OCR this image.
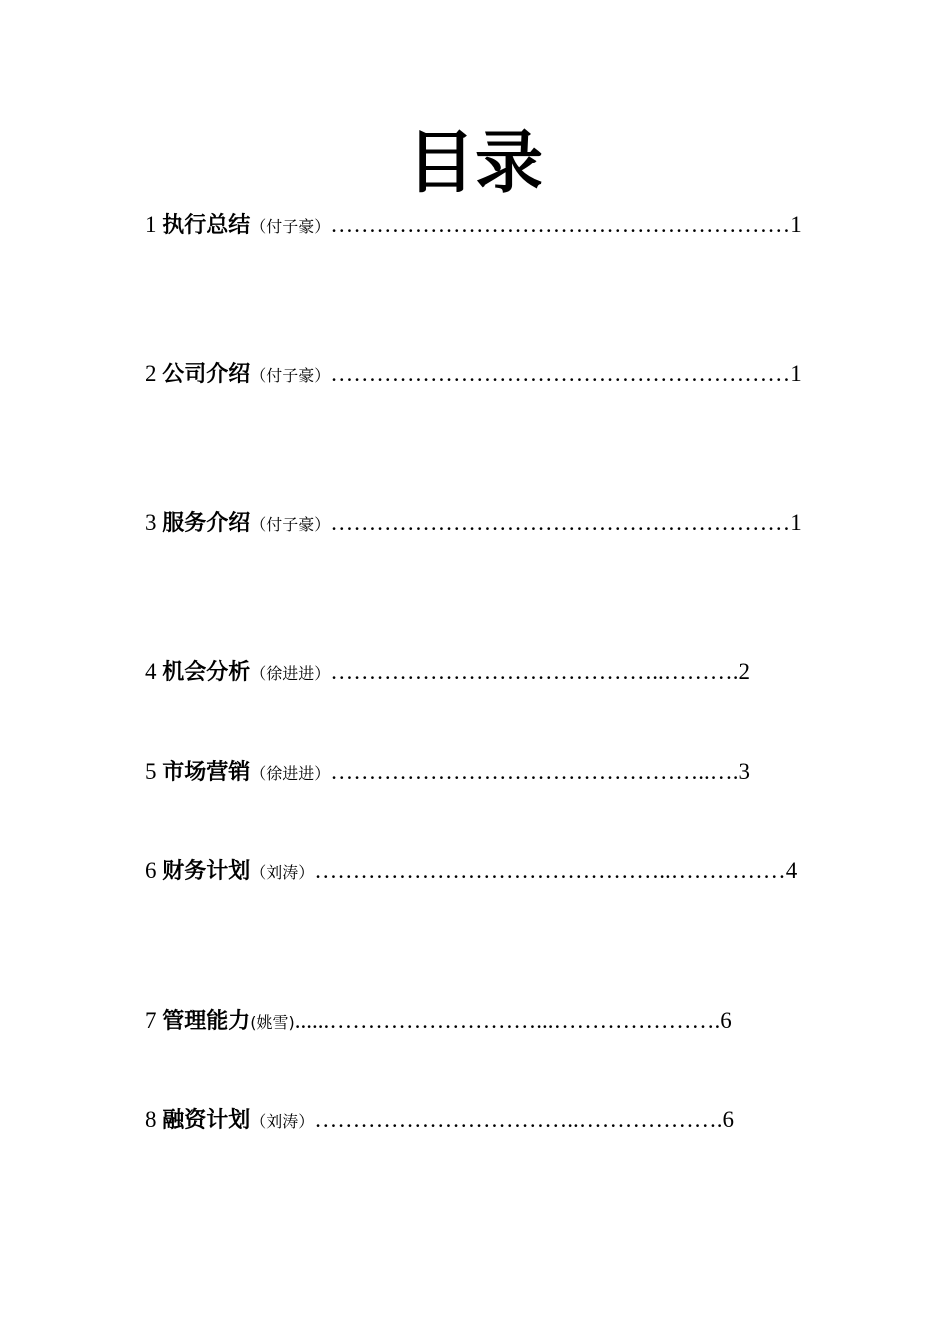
目录
1 执行总结（付子豪）……………………………………………………1
2 公司介绍（付子豪）……………………………………………………1
3 服务介绍（付子豪）……………………………………………………1
4 机会分析（徐进进）……………………………………..……….2
5 市场营销（徐进进）…………………………………………..….3
6 财务计划（刘涛）………………………………………..……………4
7 管理能力(姚雪)......………………………...………………….6
8 融资计划（刘涛）……………………………..……………….6
